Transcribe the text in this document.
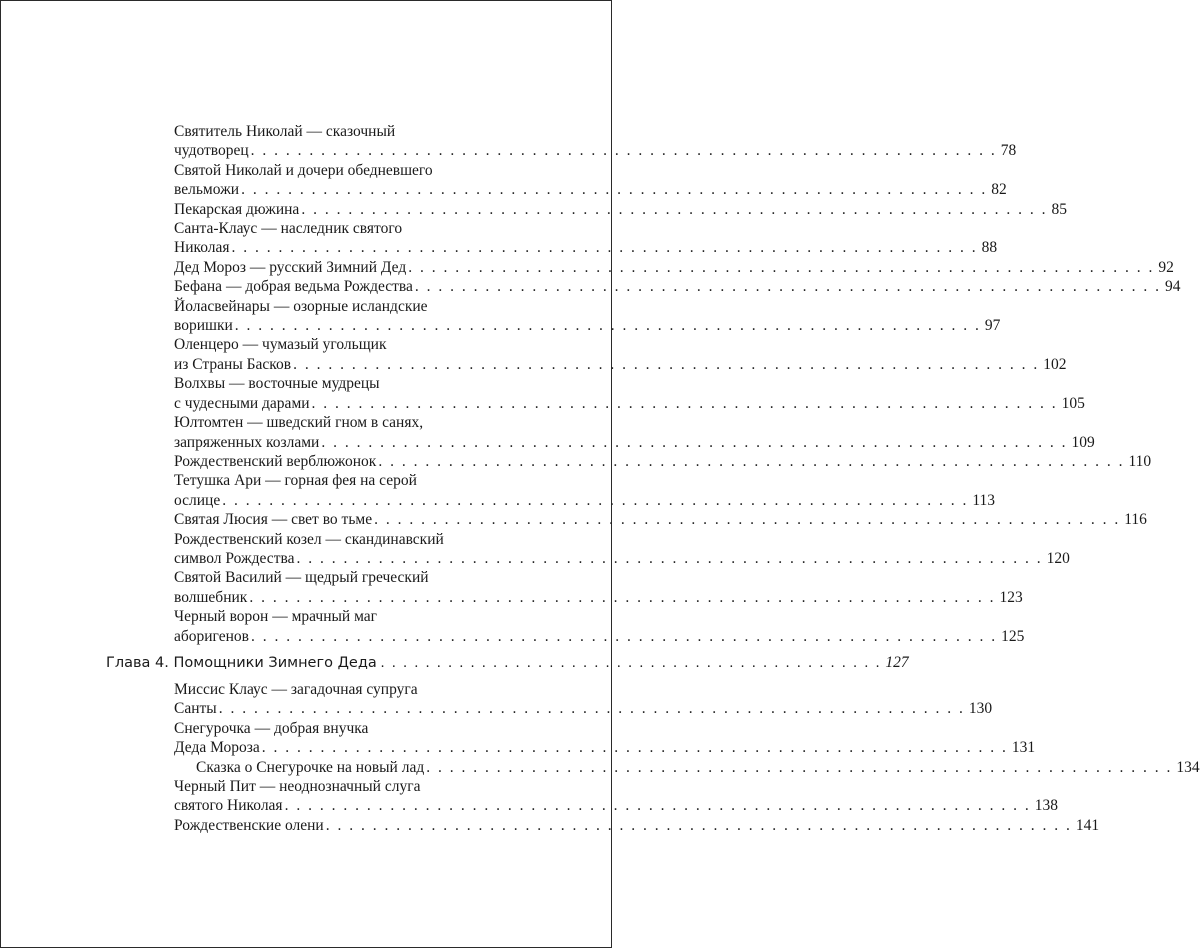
Святитель Николай — сказочный
чудотворец . . .	78
Святой Николай и дочери обедневшего
вельможи . . .	82
Пекарская дюжина . . .	85
Санта-Клаус — наследник святого
Николая . . .	88
Дед Мороз — русский Зимний Дед . . .	92
Бефана — добрая ведьма Рождества . . .	94
Йоласвейнары — озорные исландские
воришки . . .	97
Оленцеро — чумазый угольщик
из Страны Басков . . .	102
Волхвы — восточные мудрецы
с чудесными дарами . . .	105
Юлтомтен — шведский гном в санях,
запряженных козлами . . .	109
Рождественский верблюжонок . . .	110
Тетушка Ари — горная фея на серой
ослице . . .	113
Святая Люсия — свет во тьме . . .	116
Рождественский козел — скандинавский
символ Рождества . . .	120
Святой Василий — щедрый греческий
волшебник . . .	123
Черный ворон — мрачный маг
аборигенов . . .	125
Глава 4. Помощники Зимнего Деда . . . . . . . . . . . . . . . . . . . . . . . . . . . . . . . . . . . . . . . . . . . . . 127
Миссис Клаус — загадочная супруга
Санты . . .	130
Снегурочка — добрая внучка
Деда Мороза . . .	131
Сказка о Снегурочке на новый лад . . .	134
Черный Пит — неоднозначный слуга
святого Николая . . .	138
Рождественские олени . . .	141
